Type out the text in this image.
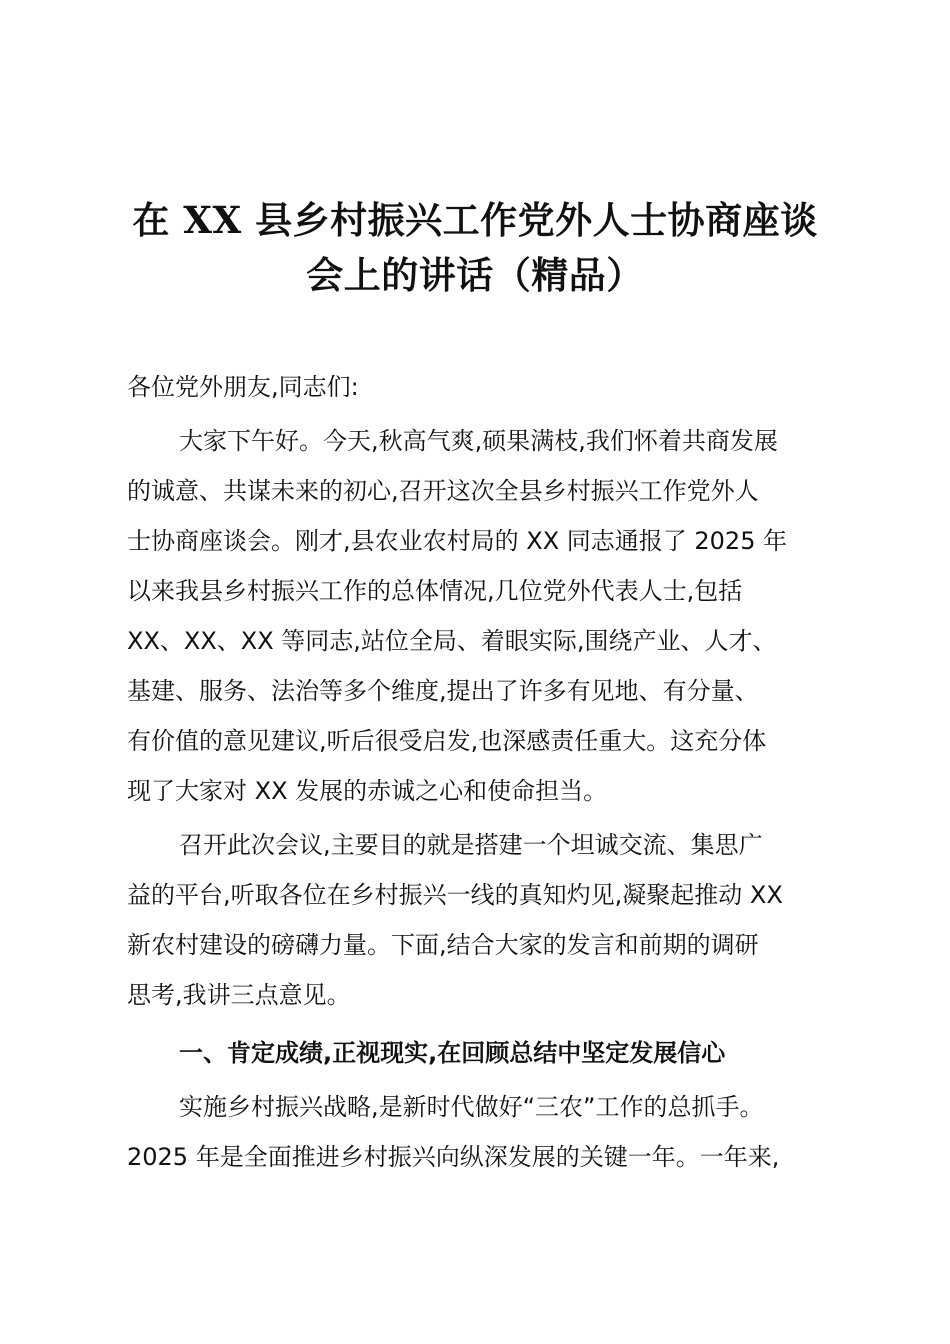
在 XX 县乡村振兴工作党外人士协商座谈
会上的讲话（精品）

各位党外朋友,同志们:

大家下午好。今天,秋高气爽,硕果满枝,我们怀着共商发展
的诚意、共谋未来的初心,召开这次全县乡村振兴工作党外人
士协商座谈会。刚才,县农业农村局的 XX 同志通报了 2025 年
以来我县乡村振兴工作的总体情况,几位党外代表人士,包括
XX、XX、XX 等同志,站位全局、着眼实际,围绕产业、人才、
基建、服务、法治等多个维度,提出了许多有见地、有分量、
有价值的意见建议,听后很受启发,也深感责任重大。这充分体
现了大家对 XX 发展的赤诚之心和使命担当。

召开此次会议,主要目的就是搭建一个坦诚交流、集思广
益的平台,听取各位在乡村振兴一线的真知灼见,凝聚起推动 XX
新农村建设的磅礴力量。下面,结合大家的发言和前期的调研
思考,我讲三点意见。

一、肯定成绩,正视现实,在回顾总结中坚定发展信心

实施乡村振兴战略,是新时代做好“三农”工作的总抓手。
2025 年是全面推进乡村振兴向纵深发展的关键一年。一年来,
